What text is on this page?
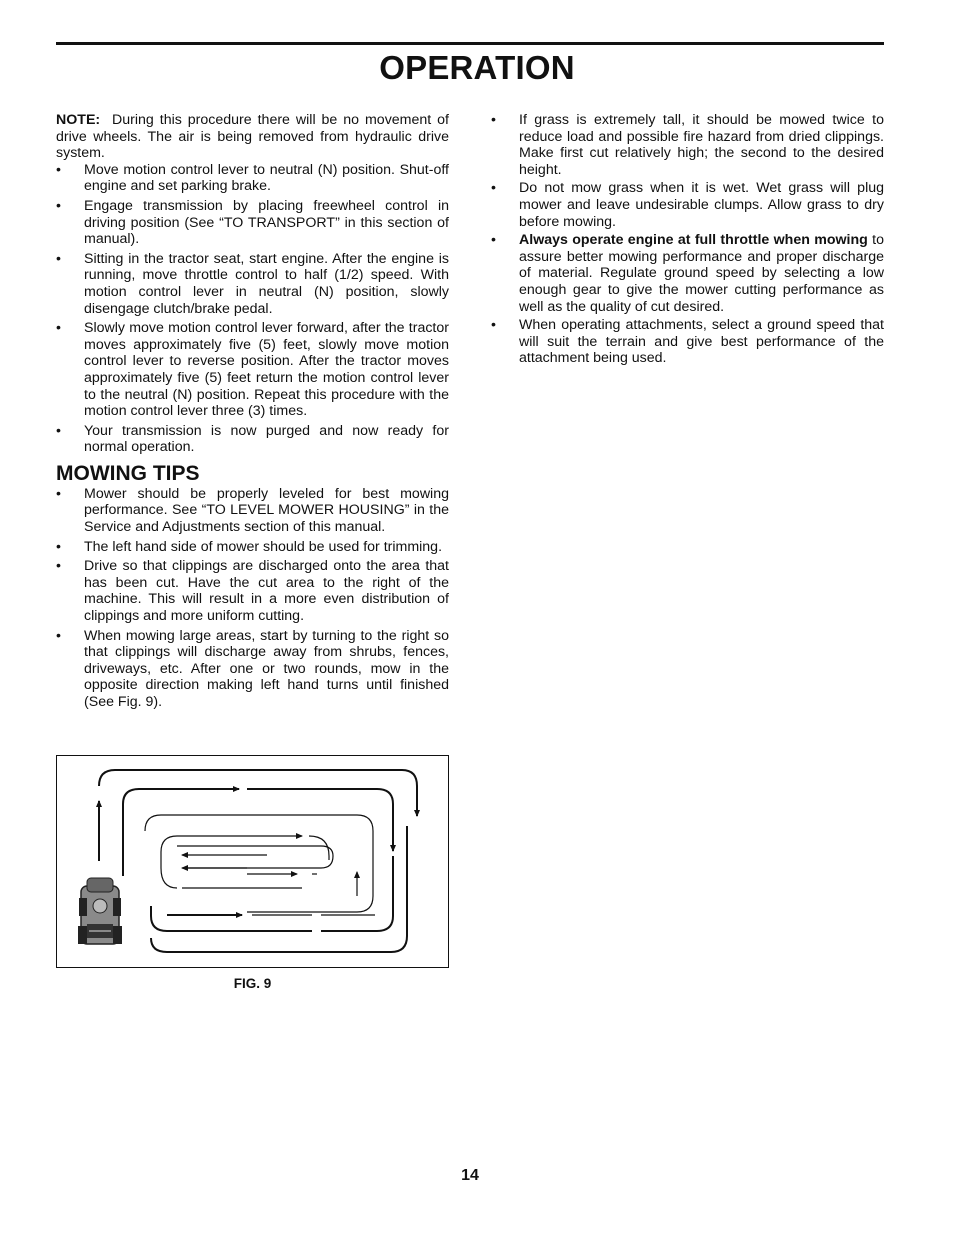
OPERATION

NOTE: During this procedure there will be no movement of drive wheels. The air is being removed from hydraulic drive system.

• Move motion control lever to neutral (N) position. Shut-off engine and set parking brake.
• Engage transmission by placing freewheel control in driving position (See “TO TRANSPORT” in this section of manual).
• Sitting in the tractor seat, start engine. After the engine is running, move throttle control to half (1/2) speed. With motion control lever in neutral (N) position, slowly disengage clutch/brake pedal.
• Slowly move motion control lever forward, after the tractor moves approximately five (5) feet, slowly move motion control lever to reverse position. After the tractor moves approximately five (5) feet return the motion control lever to the neutral (N) position. Repeat this procedure with the motion control lever three (3) times.
• Your transmission is now purged and now ready for normal operation.
MOWING TIPS
• Mower should be properly leveled for best mowing performance. See “TO LEVEL MOWER HOUSING” in the Service and Adjustments section of this manual.
• The left hand side of mower should be used for trimming.
• Drive so that clippings are discharged onto the area that has been cut. Have the cut area to the right of the machine. This will result in a more even distribution of clippings and more uniform cutting.
• When mowing large areas, start by turning to the right so that clippings will discharge away from shrubs, fences, driveways, etc. After one or two rounds, mow in the opposite direction making left hand turns until finished (See Fig. 9).
FIG. 9
• If grass is extremely tall, it should be mowed twice to reduce load and possible fire hazard from dried clippings. Make first cut relatively high; the second to the desired height.
• Do not mow grass when it is wet. Wet grass will plug mower and leave undesirable clumps. Allow grass to dry before mowing.
• Always operate engine at full throttle when mowing to assure better mowing performance and proper discharge of material. Regulate ground speed by selecting a low enough gear to give the mower cutting performance as well as the quality of cut desired.
• When operating attachments, select a ground speed that will suit the terrain and give best performance of the attachment being used.
14
